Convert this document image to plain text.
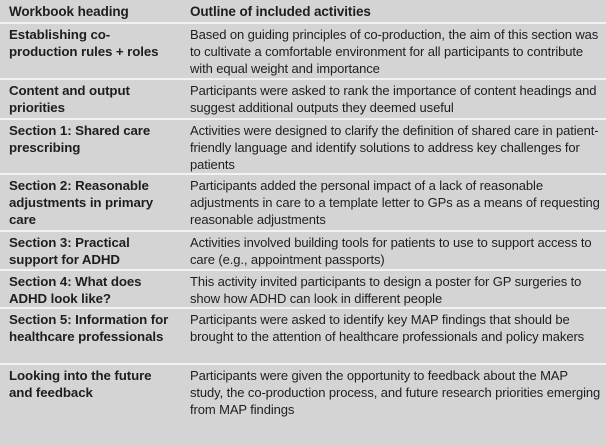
Workbook heading	Outline of included activities
Establishing co-production rules + roles
Based on guiding principles of co-production, the aim of this section was to cultivate a comfortable environment for all participants to contribute with equal weight and importance
Content and output priorities
Participants were asked to rank the importance of content headings and suggest additional outputs they deemed useful
Section 1: Shared care prescribing
Activities were designed to clarify the definition of shared care in patient-friendly language and identify solutions to address key challenges for patients
Section 2: Reasonable adjustments in primary care
Participants added the personal impact of a lack of reasonable adjustments in care to a template letter to GPs as a means of requesting reasonable adjustments
Section 3: Practical support for ADHD
Activities involved building tools for patients to use to support access to care (e.g., appointment passports)
Section 4: What does ADHD look like?
This activity invited participants to design a poster for GP surgeries to show how ADHD can look in different people
Section 5: Information for healthcare professionals
Participants were asked to identify key MAP findings that should be brought to the attention of healthcare professionals and policy makers
Looking into the future and feedback
Participants were given the opportunity to feedback about the MAP study, the co-production process, and future research priorities emerging from MAP findings
